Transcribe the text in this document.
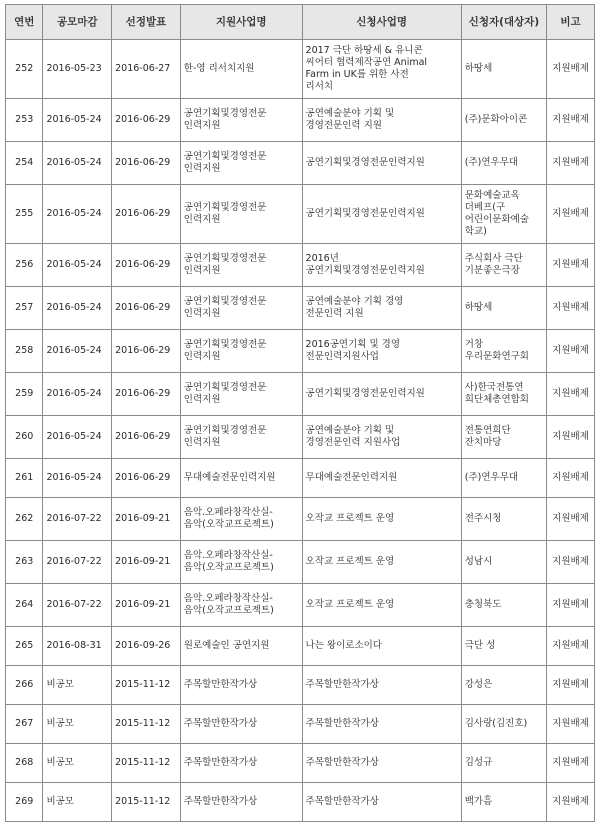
연번	공모마감	선정발표	지원사업명	신청사업명	신청자(대상자)	비고
252	2016-05-23	2016-06-27	한-영 리서치지원	2017 극단 하땅세 & 유니콘
씨어터 협력제작공연 Animal
Farm in UK를 위한 사전
리서치	하땅세	지원배제
253	2016-05-24	2016-06-29	공연기획및경영전문
인력지원	공연예술분야 기획 및
경영전문인력 지원	(주)문화아이콘	지원배제
254	2016-05-24	2016-06-29	공연기획및경영전문
인력지원	공연기획및경영전문인력지원	(주)연우무대	지원배제
255	2016-05-24	2016-06-29	공연기획및경영전문
인력지원	공연기획및경영전문인력지원	문화예술교육
더베프(구
어린이문화예술
학교)	지원배제
256	2016-05-24	2016-06-29	공연기획및경영전문
인력지원	2016년
공연기획및경영전문인력지원	주식회사 극단
기분좋은극장	지원배제
257	2016-05-24	2016-06-29	공연기획및경영전문
인력지원	공연예술분야 기획 경영
전문인력 지원	하땅세	지원배제
258	2016-05-24	2016-06-29	공연기획및경영전문
인력지원	2016공연기획 및 경영
전문인력지원사업	거창
우리문화연구회	지원배제
259	2016-05-24	2016-06-29	공연기획및경영전문
인력지원	공연기획및경영전문인력지원	사)한국전통연
희단체총연합회	지원배제
260	2016-05-24	2016-06-29	공연기획및경영전문
인력지원	공연예술분야 기획 및
경영전문인력 지원사업	전통연희단
잔치마당	지원배제
261	2016-05-24	2016-06-29	무대예술전문인력지원	무대예술전문인력지원	(주)연우무대	지원배제
262	2016-07-22	2016-09-21	음악.오페라창작산실-
음악(오작교프로젝트)	오작교 프로젝트 운영	전주시청	지원배제
263	2016-07-22	2016-09-21	음악.오페라창작산실-
음악(오작교프로젝트)	오작교 프로젝트 운영	성남시	지원배제
264	2016-07-22	2016-09-21	음악.오페라창작산실-
음악(오작교프로젝트)	오작교 프로젝트 운영	충청북도	지원배제
265	2016-08-31	2016-09-26	원로예술인 공연지원	나는 왕이로소이다	극단 성	지원배제
266	비공모	2015-11-12	주목할만한작가상	주목할만한작가상	강성은	지원배제
267	비공모	2015-11-12	주목할만한작가상	주목할만한작가상	김사랑(김진호)	지원배제
268	비공모	2015-11-12	주목할만한작가상	주목할만한작가상	김성규	지원배제
269	비공모	2015-11-12	주목할만한작가상	주목할만한작가상	백가흠	지원배제
